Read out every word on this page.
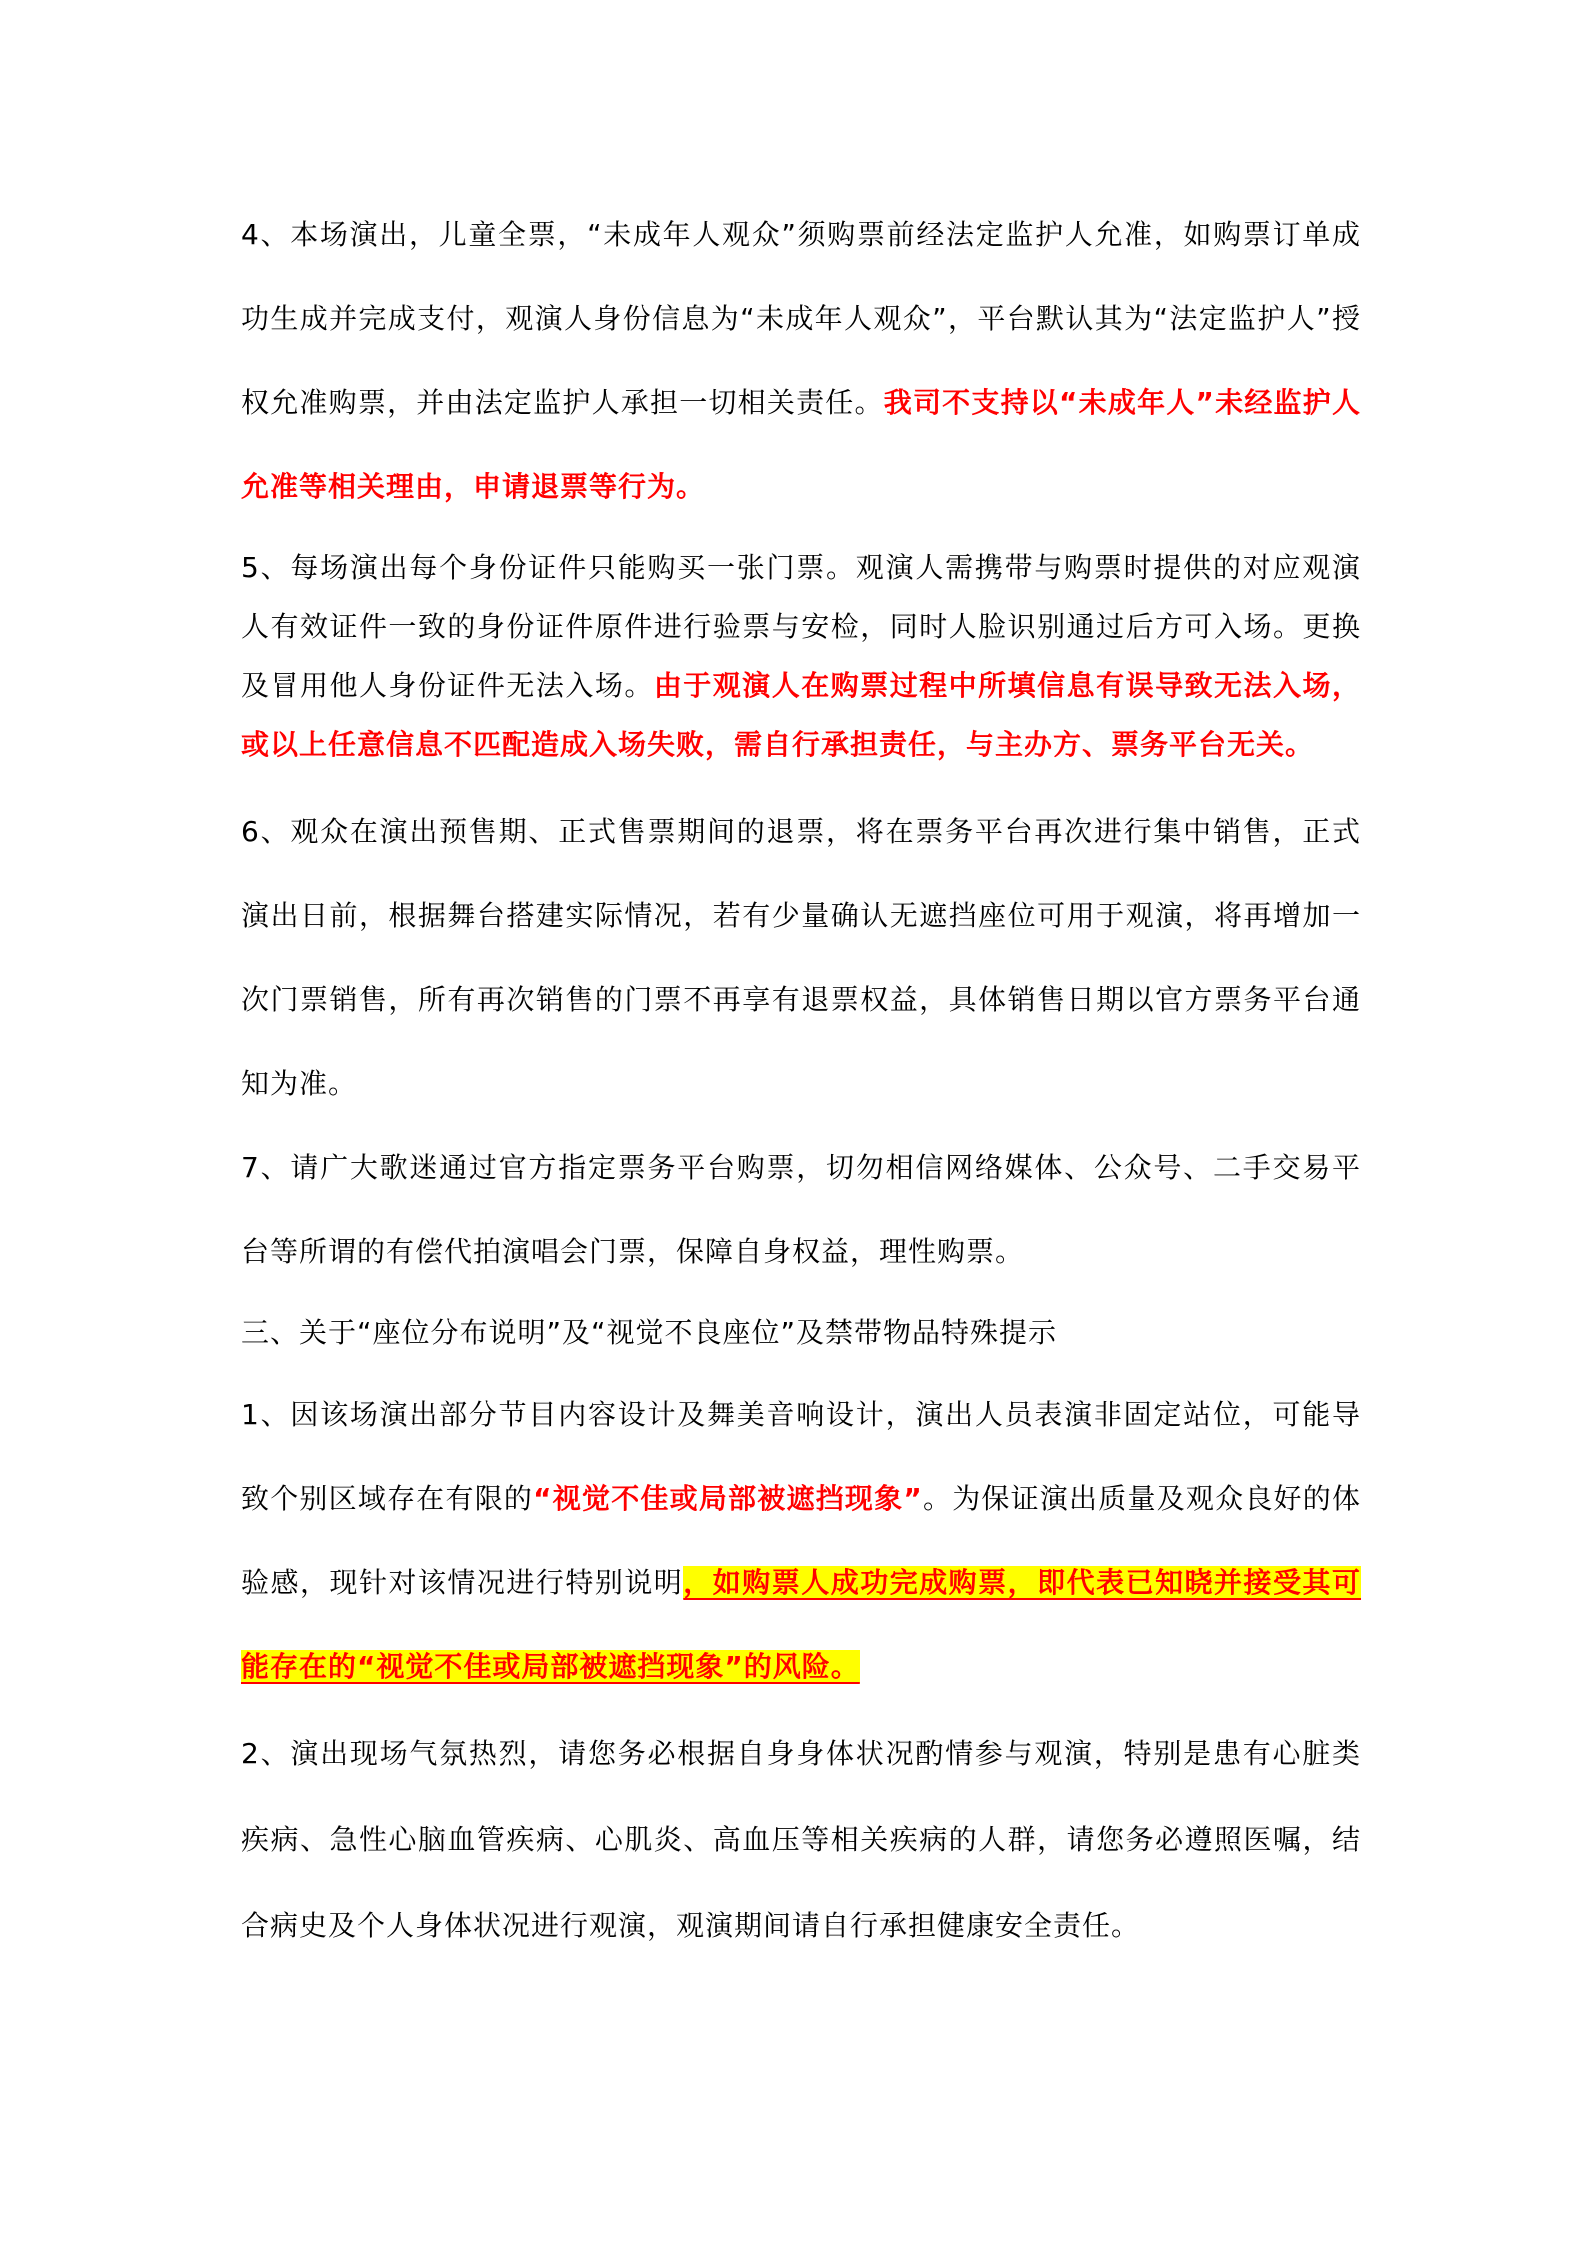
4、本场演出，儿童全票，“未成年人观众”须购票前经法定监护人允准，如购票订单成功生成并完成支付，观演人身份信息为“未成年人观众”，平台默认其为“法定监护人”授权允准购票，并由法定监护人承担一切相关责任。我司不支持以“未成年人”未经监护人允准等相关理由，申请退票等行为。

5、每场演出每个身份证件只能购买一张门票。观演人需携带与购票时提供的对应观演人有效证件一致的身份证件原件进行验票与安检，同时人脸识别通过后方可入场。更换及冒用他人身份证件无法入场。由于观演人在购票过程中所填信息有误导致无法入场，或以上任意信息不匹配造成入场失败，需自行承担责任，与主办方、票务平台无关。

6、观众在演出预售期、正式售票期间的退票，将在票务平台再次进行集中销售，正式演出日前，根据舞台搭建实际情况，若有少量确认无遮挡座位可用于观演，将再增加一次门票销售，所有再次销售的门票不再享有退票权益，具体销售日期以官方票务平台通知为准。

7、请广大歌迷通过官方指定票务平台购票，切勿相信网络媒体、公众号、二手交易平台等所谓的有偿代拍演唱会门票，保障自身权益，理性购票。

三、关于“座位分布说明”及“视觉不良座位”及禁带物品特殊提示

1、因该场演出部分节目内容设计及舞美音响设计，演出人员表演非固定站位，可能导致个别区域存在有限的“视觉不佳或局部被遮挡现象”。为保证演出质量及观众良好的体验感，现针对该情况进行特别说明，如购票人成功完成购票，即代表已知晓并接受其可能存在的“视觉不佳或局部被遮挡现象”的风险。

2、演出现场气氛热烈，请您务必根据自身身体状况酌情参与观演，特别是患有心脏类疾病、急性心脑血管疾病、心肌炎、高血压等相关疾病的人群，请您务必遵照医嘱，结合病史及个人身体状况进行观演，观演期间请自行承担健康安全责任。
